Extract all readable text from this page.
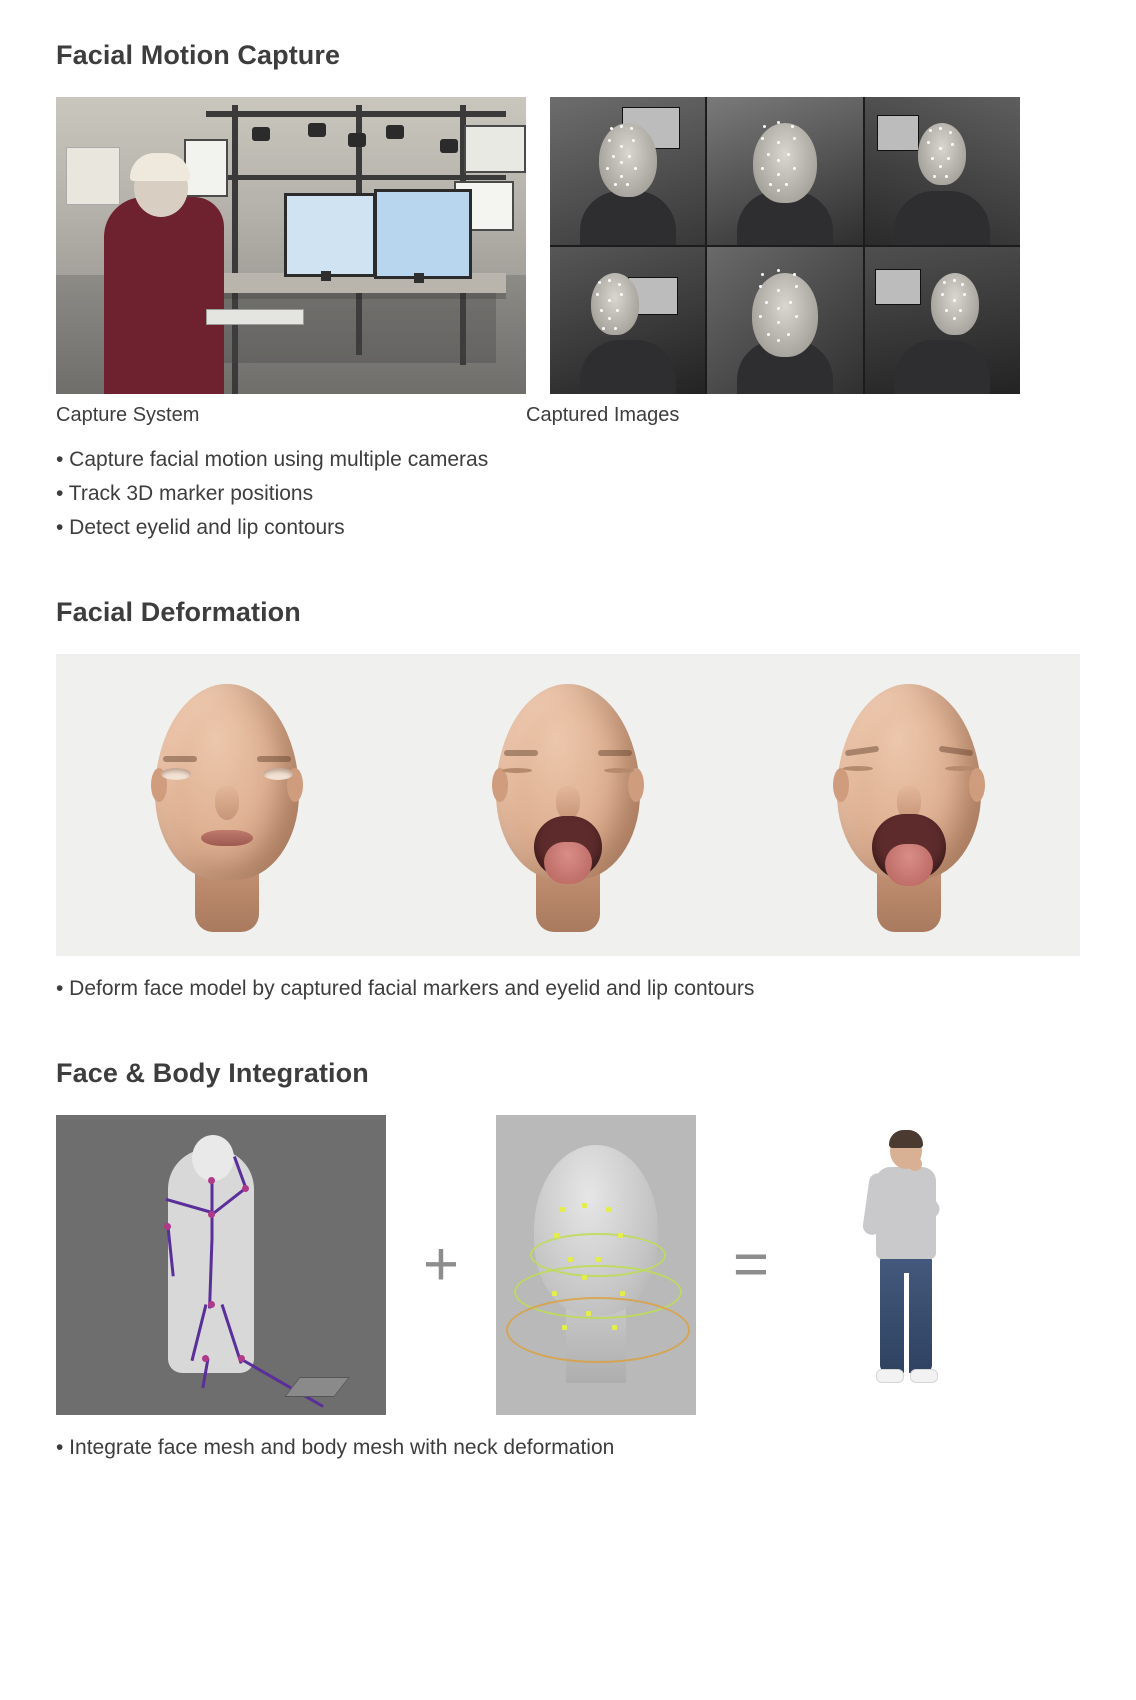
Facial Motion Capture
Capture System	Captured Images
• Capture facial motion using multiple cameras
• Track 3D marker positions
• Detect eyelid and lip contours
Facial Deformation
• Deform face model by captured facial markers and eyelid and lip contours
Face & Body Integration
+	=
• Integrate face mesh and body mesh with neck deformation
